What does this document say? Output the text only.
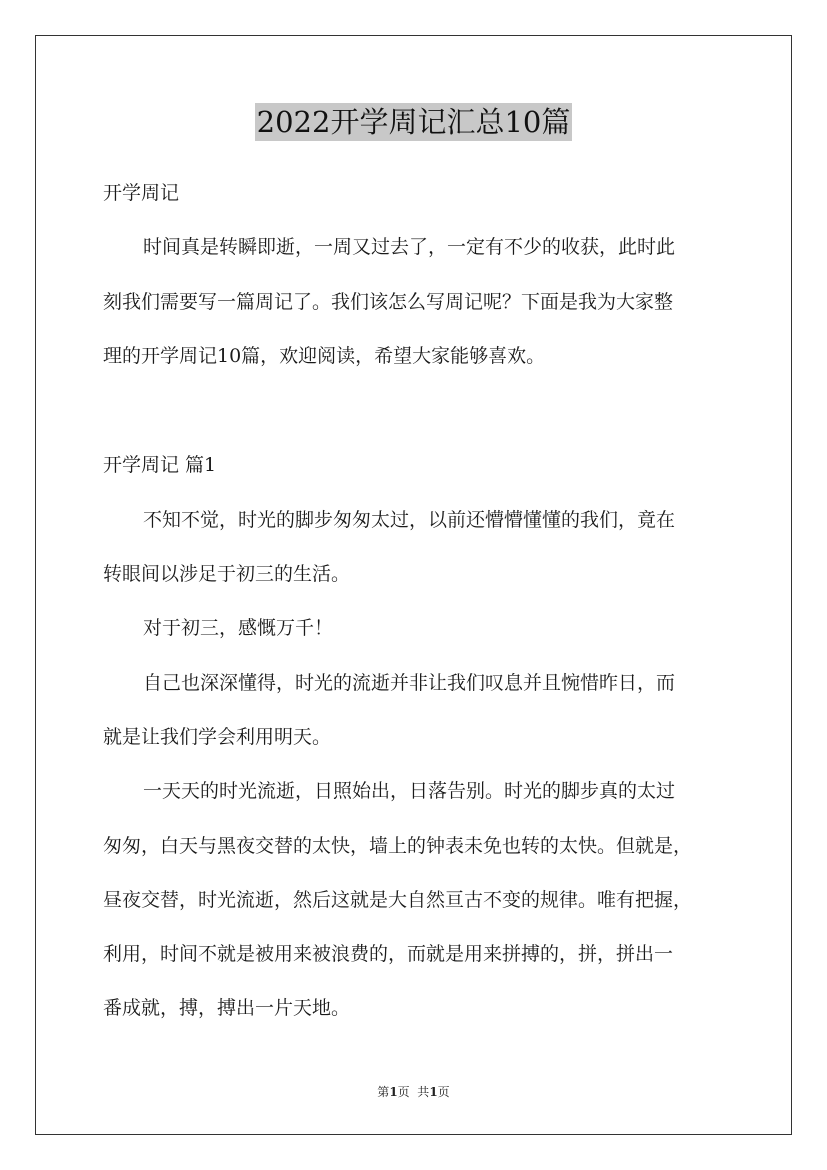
2022开学周记汇总10篇
开学周记
时间真是转瞬即逝，一周又过去了，一定有不少的收获，此时此
刻我们需要写一篇周记了。我们该怎么写周记呢？下面是我为大家整
理的开学周记10篇，欢迎阅读，希望大家能够喜欢。
开学周记 篇1
不知不觉，时光的脚步匆匆太过，以前还懵懵懂懂的我们，竟在
转眼间以涉足于初三的生活。
对于初三，感慨万千！
自己也深深懂得，时光的流逝并非让我们叹息并且惋惜昨日，而
就是让我们学会利用明天。
一天天的时光流逝，日照始出，日落告别。时光的脚步真的太过
匆匆，白天与黑夜交替的太快，墙上的钟表未免也转的太快。但就是，
昼夜交替，时光流逝，然后这就是大自然亘古不变的规律。唯有把握，
利用，时间不就是被用来被浪费的，而就是用来拼搏的，拼，拼出一
番成就，搏，搏出一片天地。
第1页  共1页
